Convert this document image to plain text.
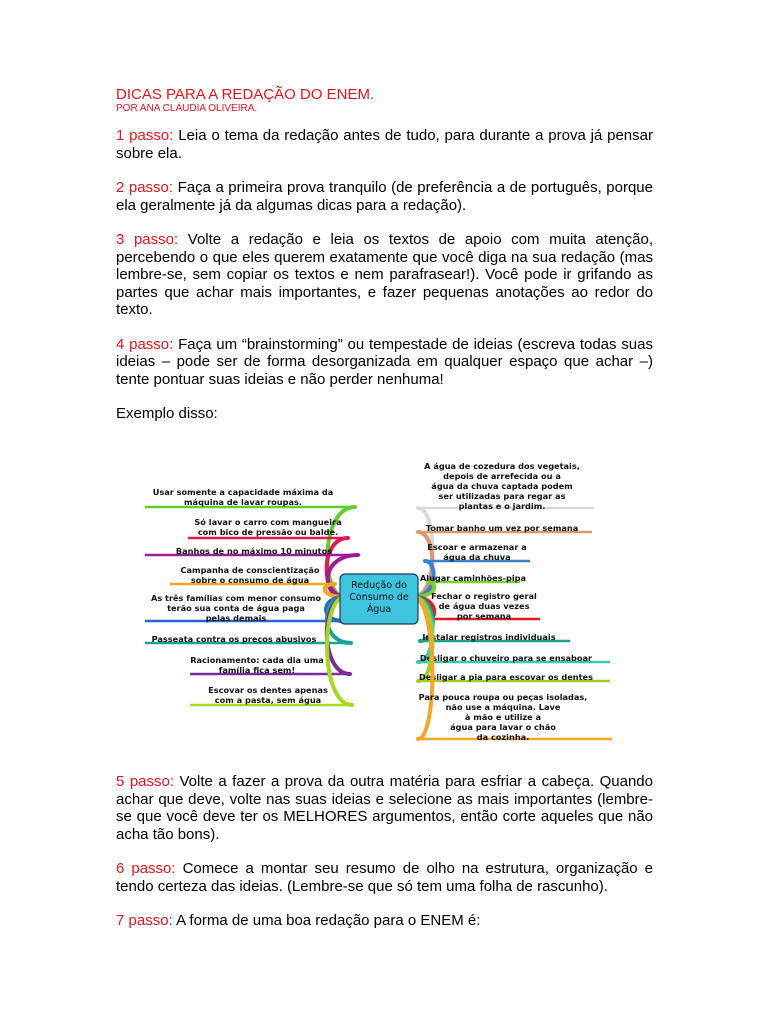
DICAS PARA A REDAÇÃO DO ENEM.

POR ANA CLÁUDIA OLIVEIRA.

1 passo: Leia o tema da redação antes de tudo, para durante a prova já pensar sobre ela.

2 passo: Faça a primeira prova tranquilo (de preferência a de português, porque ela geralmente já da algumas dicas para a redação).

3 passo: Volte a redação e leia os textos de apoio com muita atenção, percebendo o que eles querem exatamente que você diga na sua redação (mas lembre-se, sem copiar os textos e nem parafrasear!). Você pode ir grifando as partes que achar mais importantes, e fazer pequenas anotações ao redor do texto.

4 passo: Faça um “brainstorming” ou tempestade de ideias (escreva todas suas ideias – pode ser de forma desorganizada em qualquer espaço que achar –) tente pontuar suas ideias e não perder nenhuma!

Exemplo disso:

Usar somente a capacidade máxima da
máquina de lavar roupas.
Só lavar o carro com mangueira
com bico de pressão ou balde.
Banhos de no máximo 10 minutos
Campanha de conscientização
sobre o consumo de água
As três famílias com menor consumo
terão sua conta de água paga
pelas demais
Passeata contra os preços abusivos
Racionamento: cada dia uma
família fica sem!
Escovar os dentes apenas
com a pasta, sem água
A água de cozedura dos vegetais,
depois de arrefecida ou a
água da chuva captada podem
ser utilizadas para regar as
plantas e o jardim.
Tomar banho um vez por semana
Escoar e armazenar a
água da chuva
Alugar caminhões-pipa
Fechar o registro geral
de água duas vezes
por semana
Instalar registros individuais
Desligar o chuveiro para se ensaboar
Desligar a pia para escovar os dentes
Para pouca roupa ou peças isoladas,
não use a máquina. Lave
à mão e utilize a
água para lavar o chão
da cozinha.
Redução do
Consumo de
Água

5 passo: Volte a fazer a prova da outra matéria para esfriar a cabeça. Quando achar que deve, volte nas suas ideias e selecione as mais importantes (lembre-se que você deve ter os MELHORES argumentos, então corte aqueles que não acha tão bons).

6 passo: Comece a montar seu resumo de olho na estrutura, organização e tendo certeza das ideias. (Lembre-se que só tem uma folha de rascunho).

7 passo: A forma de uma boa redação para o ENEM é:
